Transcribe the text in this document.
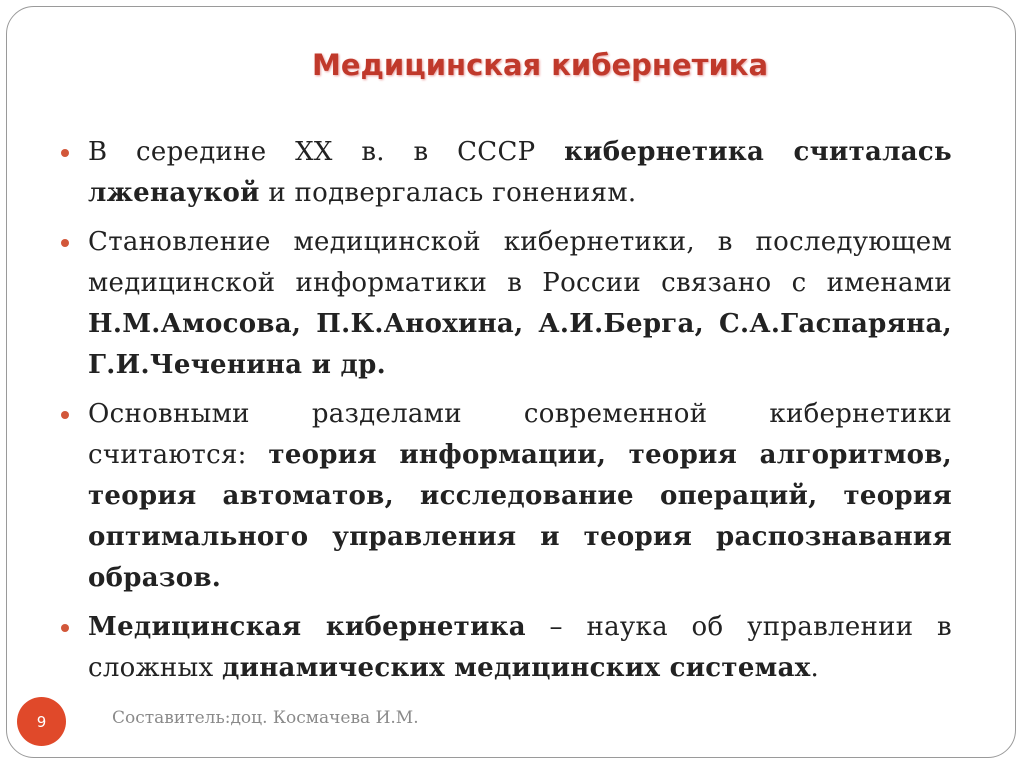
Медицинская кибернетика
В середине XX в. в СССР кибернетика считалась лженаукой и подвергалась гонениям.
Становление медицинской кибернетики, в последующем медицинской информатики в России связано с именами Н.М.Амосова, П.К.Анохина, А.И.Берга, С.А.Гаспаряна, Г.И.Чеченина и др.
Основными разделами современной кибернетики считаются: теория информации, теория алгоритмов, теория автоматов, исследование операций, теория оптимального управления и теория распознавания образов.
Медицинская кибернетика – наука об управлении в сложных динамических медицинских системах.
9	Составитель:доц. Космачева И.М.
